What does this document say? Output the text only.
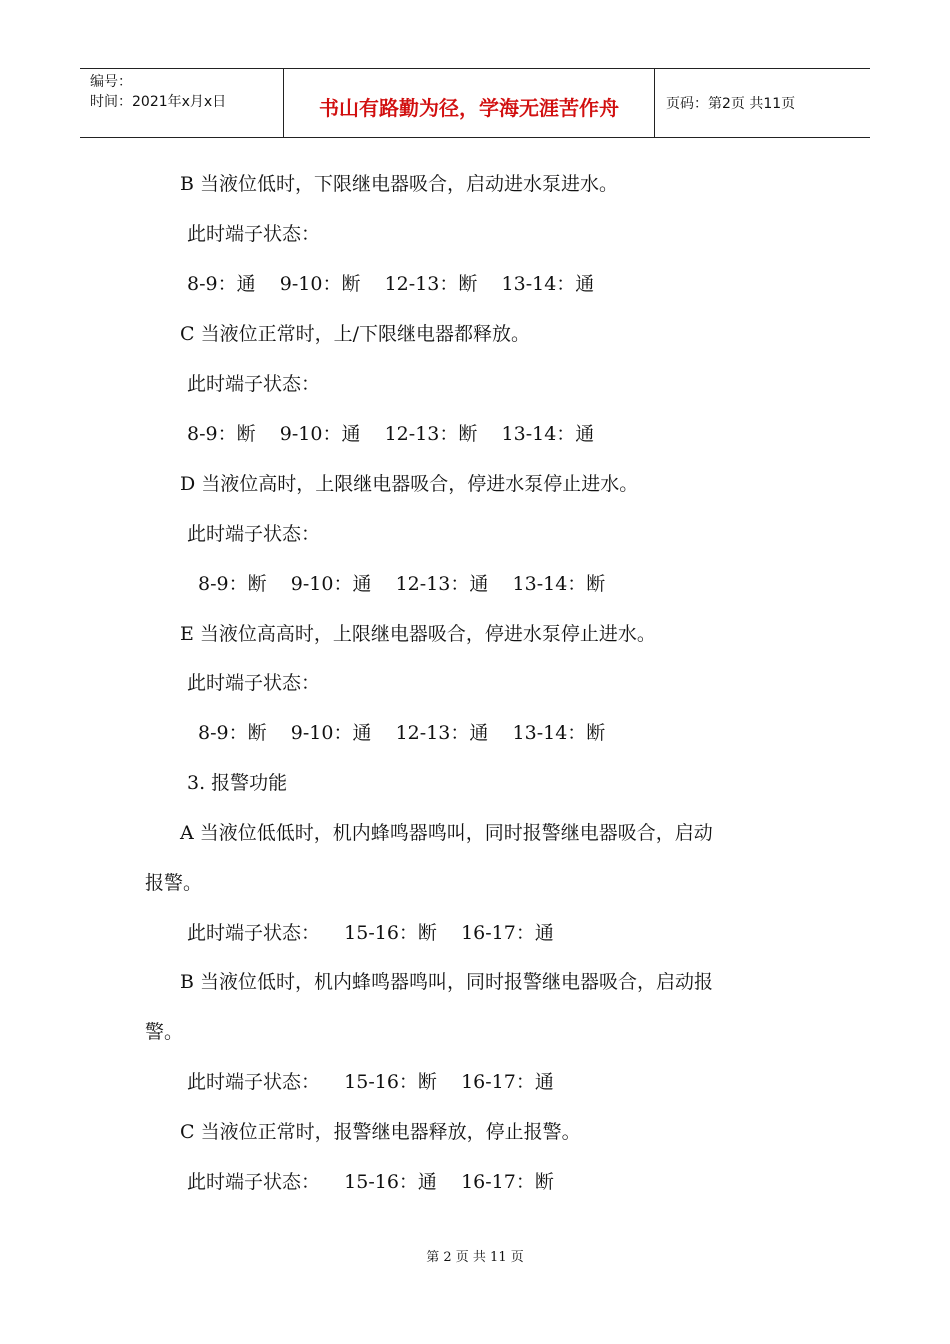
编号：
时间：2021年x月x日	书山有路勤为径，学海无涯苦作舟	页码：第2页 共11页
B 当液位低时，下限继电器吸合，启动进水泵进水。
此时端子状态：
8-9：通    9-10：断    12-13：断    13-14：通
C 当液位正常时，上/下限继电器都释放。
此时端子状态：
8-9：断    9-10：通    12-13：断    13-14：通
D 当液位高时，上限继电器吸合，停进水泵停止进水。
此时端子状态：
8-9：断    9-10：通    12-13：通    13-14：断
E 当液位高高时，上限继电器吸合，停进水泵停止进水。
此时端子状态：
8-9：断    9-10：通    12-13：通    13-14：断
3. 报警功能
A 当液位低低时，机内蜂鸣器鸣叫，同时报警继电器吸合，启动
报警。
此时端子状态：    15-16：断    16-17：通
B 当液位低时，机内蜂鸣器鸣叫，同时报警继电器吸合，启动报
警。
此时端子状态：    15-16：断    16-17：通
C 当液位正常时，报警继电器释放，停止报警。
此时端子状态：    15-16：通    16-17：断
第 2 页 共 11 页
